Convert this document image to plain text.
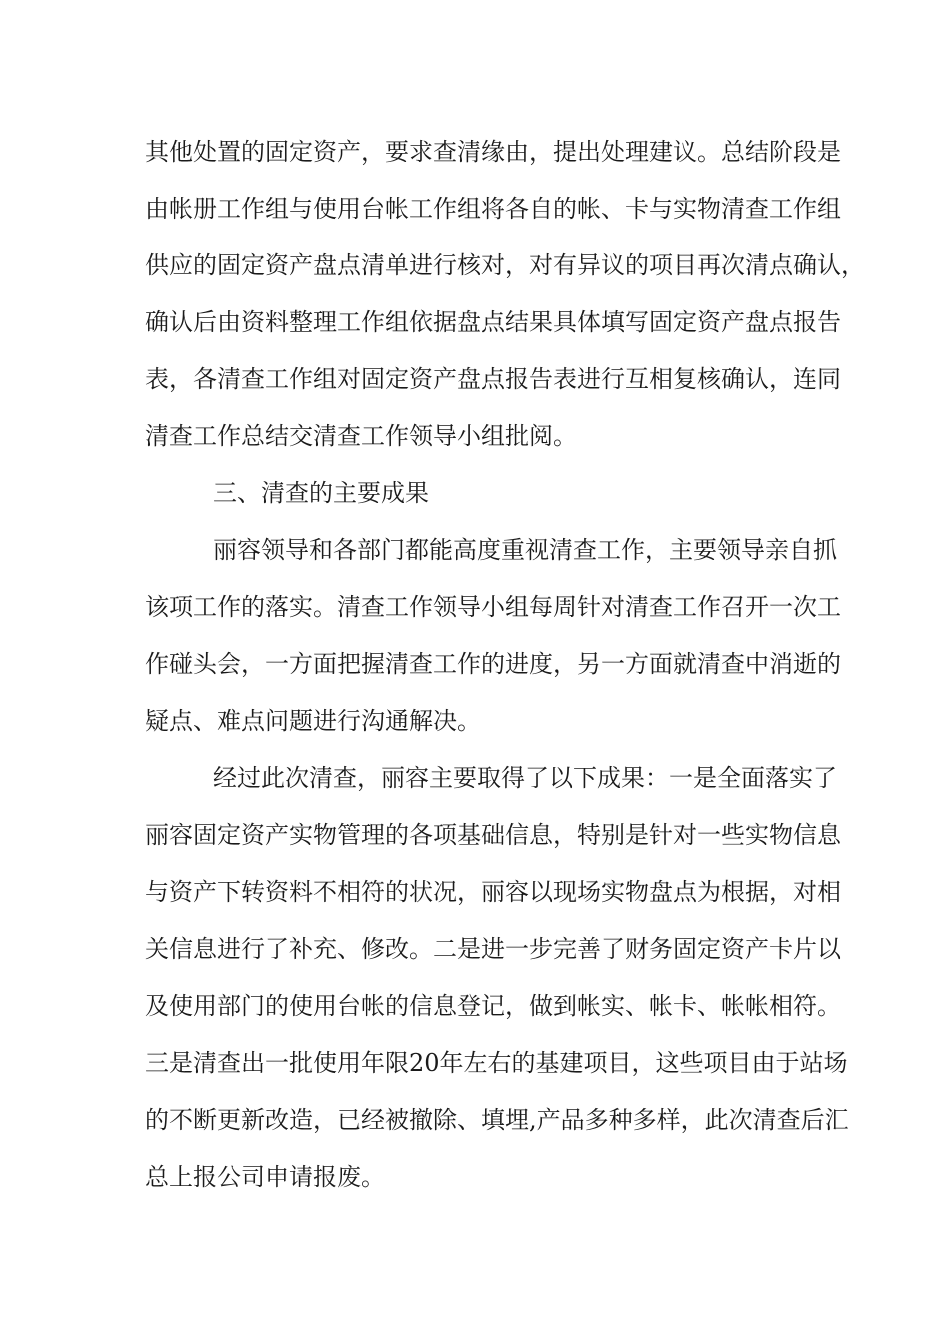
其他处置的固定资产，要求查清缘由，提出处理建议。总结阶段是
由帐册工作组与使用台帐工作组将各自的帐、卡与实物清查工作组
供应的固定资产盘点清单进行核对，对有异议的项目再次清点确认，
确认后由资料整理工作组依据盘点结果具体填写固定资产盘点报告
表，各清查工作组对固定资产盘点报告表进行互相复核确认，连同
清查工作总结交清查工作领导小组批阅。
三、清查的主要成果
丽容领导和各部门都能高度重视清查工作，主要领导亲自抓
该项工作的落实。清查工作领导小组每周针对清查工作召开一次工
作碰头会，一方面把握清查工作的进度，另一方面就清查中消逝的
疑点、难点问题进行沟通解决。
经过此次清查，丽容主要取得了以下成果：一是全面落实了
丽容固定资产实物管理的各项基础信息，特别是针对一些实物信息
与资产下转资料不相符的状况，丽容以现场实物盘点为根据，对相
关信息进行了补充、修改。二是进一步完善了财务固定资产卡片以
及使用部门的使用台帐的信息登记，做到帐实、帐卡、帐帐相符。
三是清查出一批使用年限20年左右的基建项目，这些项目由于站场
的不断更新改造，已经被撤除、填埋,产品多种多样，此次清查后汇
总上报公司申请报废。
